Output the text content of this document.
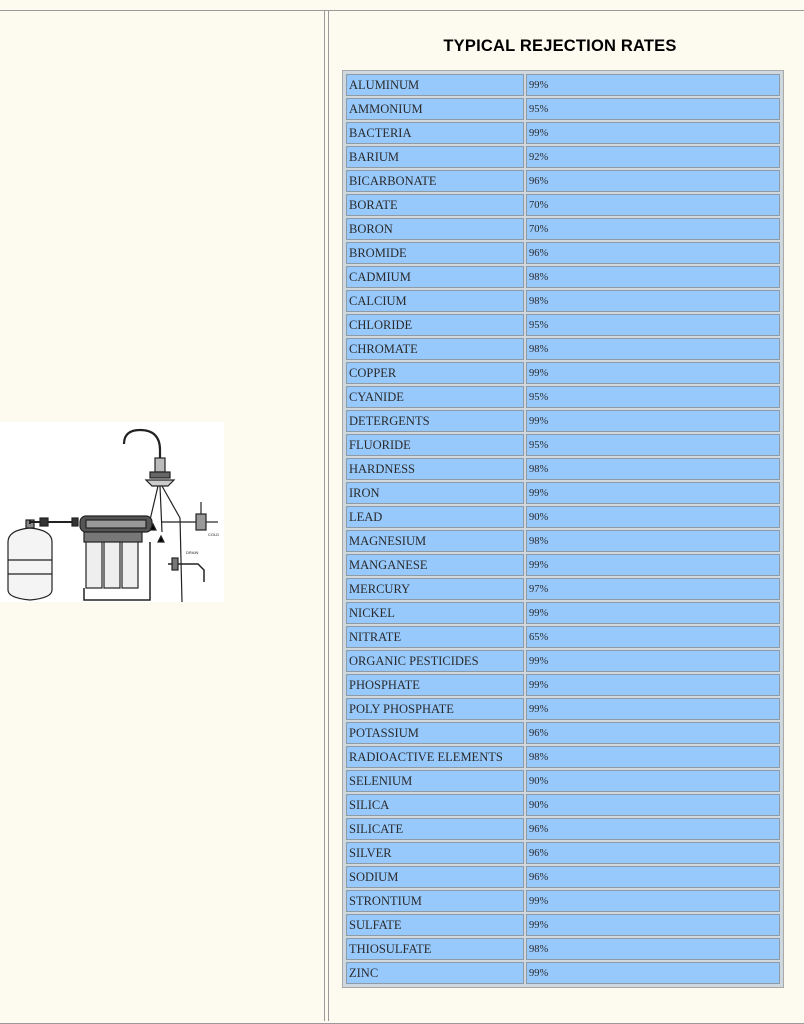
COLD
DRAIN
TYPICAL REJECTION RATES
ALUMINUM	99%
AMMONIUM	95%
BACTERIA	99%
BARIUM	92%
BICARBONATE	96%
BORATE	70%
BORON	70%
BROMIDE	96%
CADMIUM	98%
CALCIUM	98%
CHLORIDE	95%
CHROMATE	98%
COPPER	99%
CYANIDE	95%
DETERGENTS	99%
FLUORIDE	95%
HARDNESS	98%
IRON	99%
LEAD	90%
MAGNESIUM	98%
MANGANESE	99%
MERCURY	97%
NICKEL	99%
NITRATE	65%
ORGANIC PESTICIDES	99%
PHOSPHATE	99%
POLY PHOSPHATE	99%
POTASSIUM	96%
RADIOACTIVE ELEMENTS	98%
SELENIUM	90%
SILICA	90%
SILICATE	96%
SILVER	96%
SODIUM	96%
STRONTIUM	99%
SULFATE	99%
THIOSULFATE	98%
ZINC	99%
